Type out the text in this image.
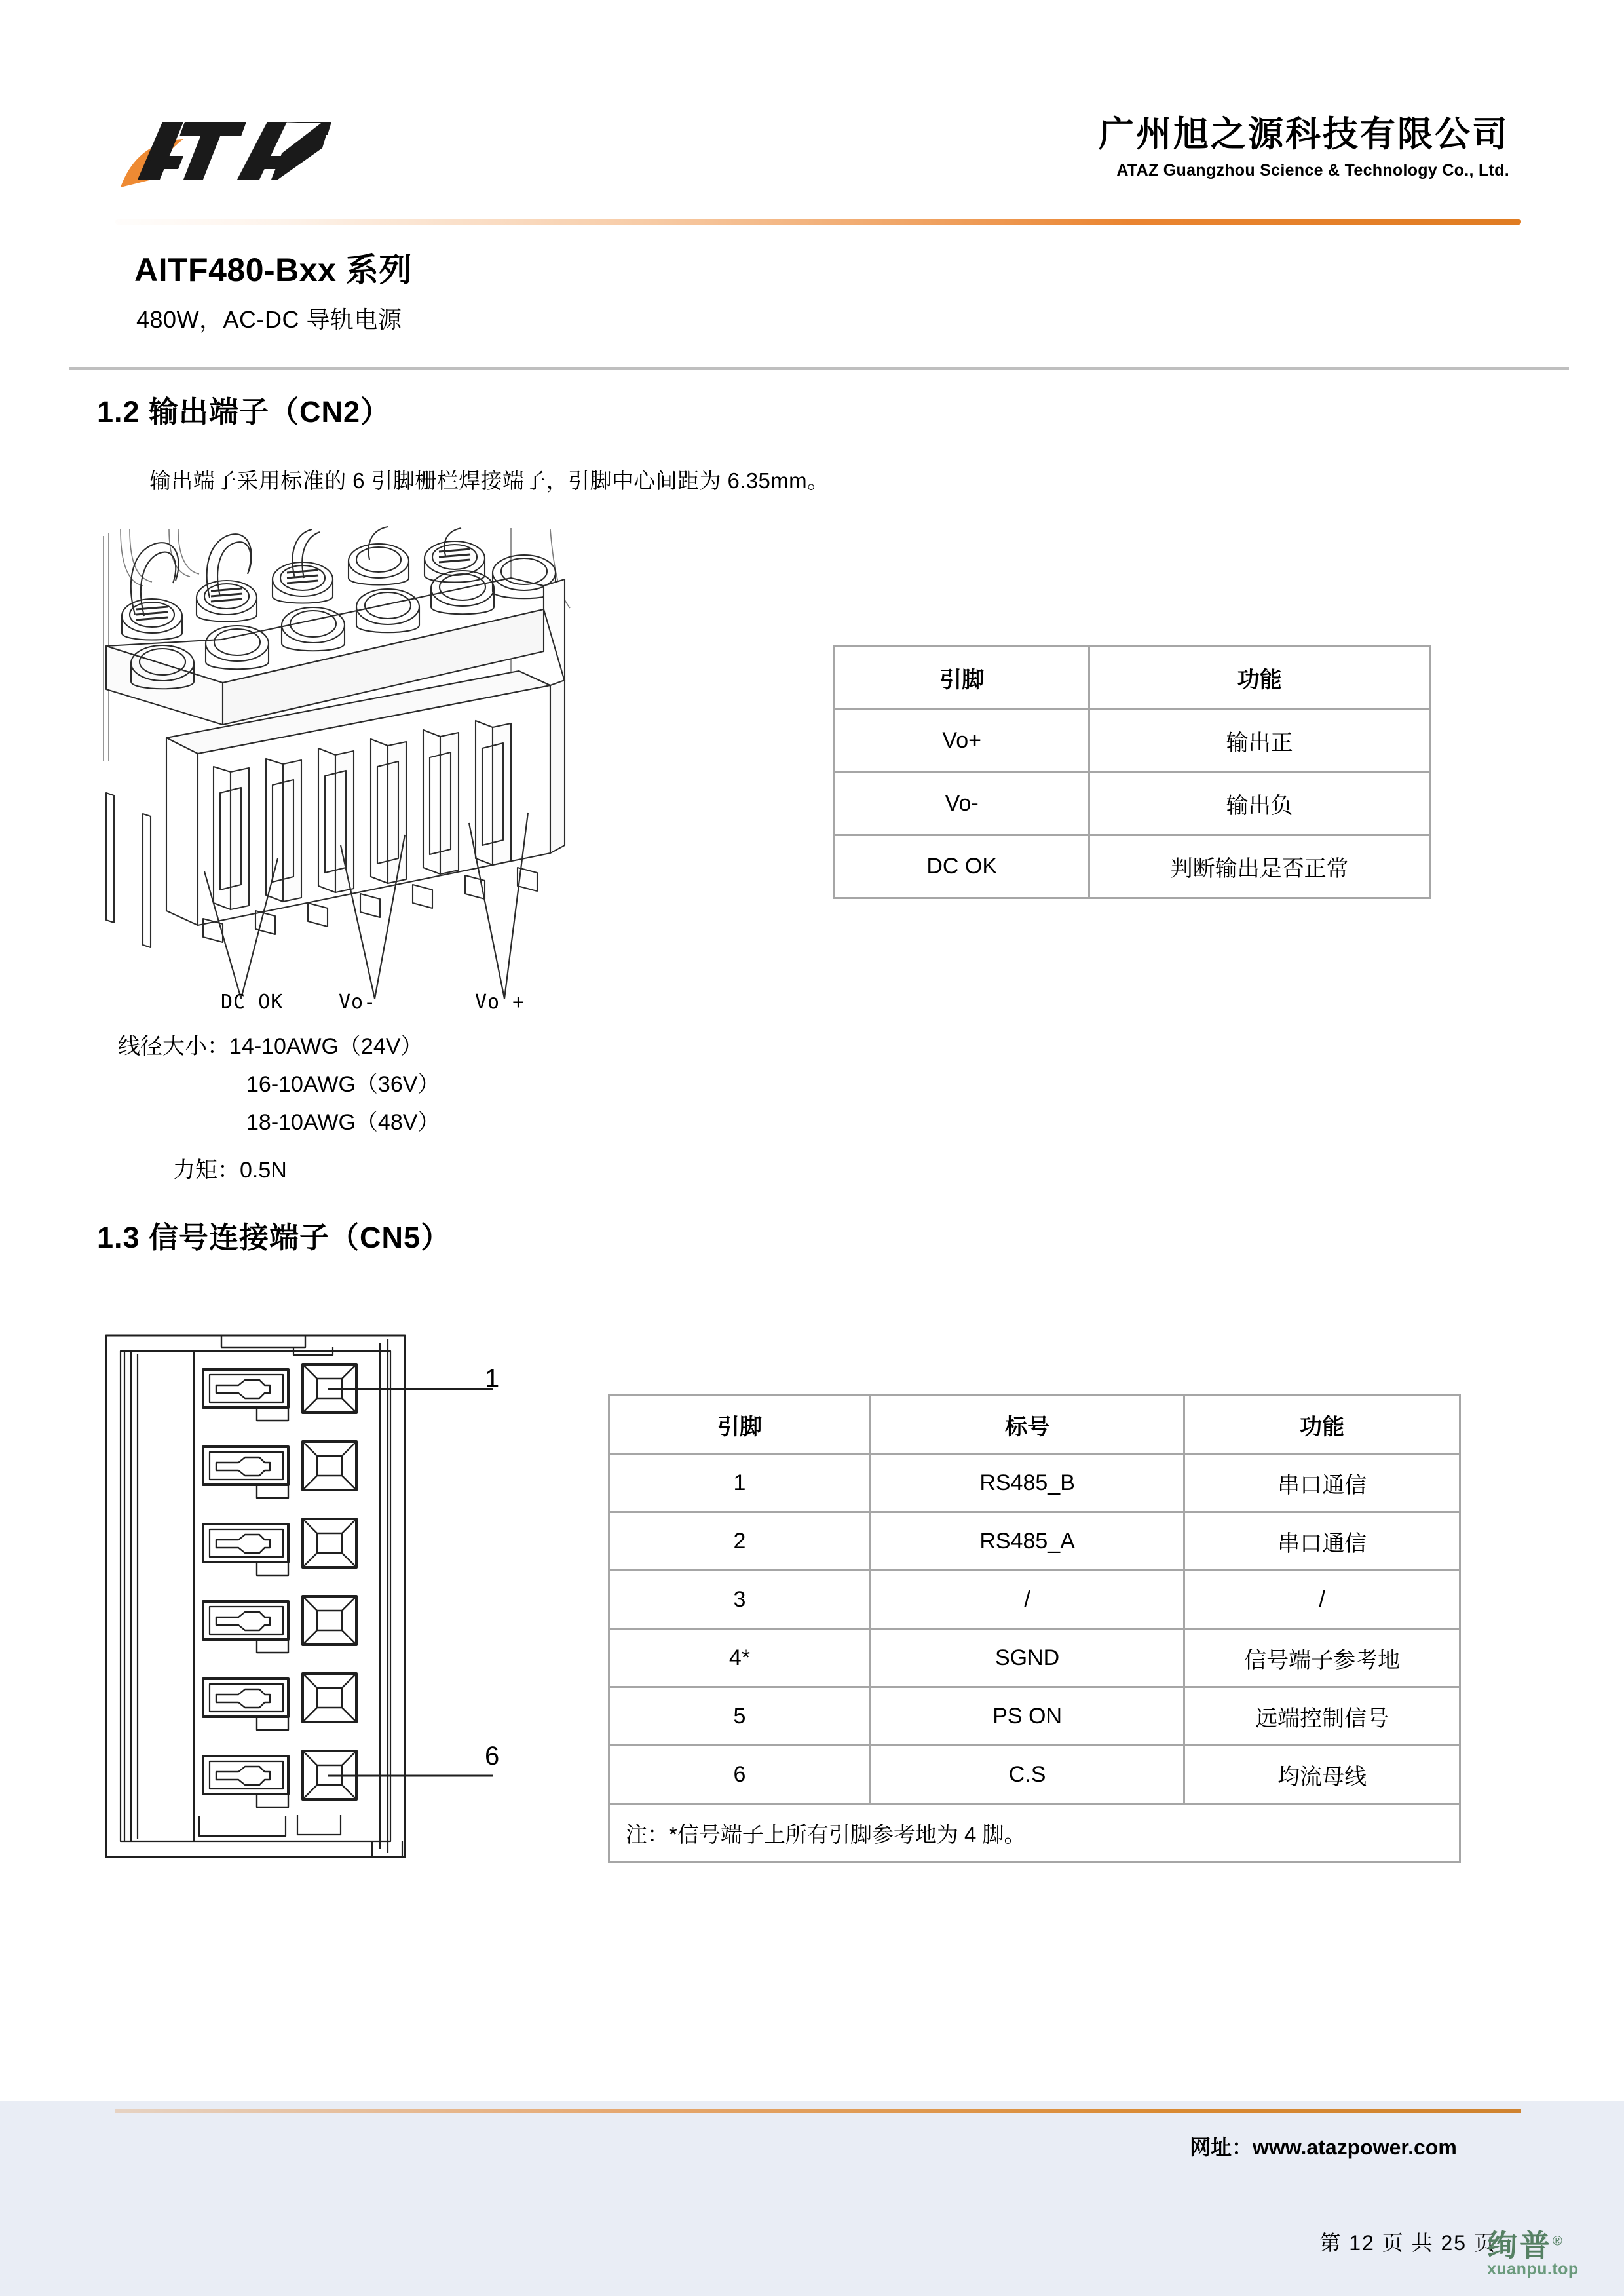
广州旭之源科技有限公司
ATAZ Guangzhou Science & Technology Co., Ltd.
AITF480-Bxx 系列
480W，AC-DC 导轨电源
1.2 输出端子（CN2）
输出端子采用标准的 6 引脚栅栏焊接端子，引脚中心间距为 6.35mm。
DC OK	Vo-	Vo +
线径大小：14-10AWG（24V）
16-10AWG（36V）
18-10AWG（48V）
力矩：0.5N
引脚	功能
Vo+	输出正
Vo-	输出负
DC OK	判断输出是否正常
1.3 信号连接端子（CN5）
1
6
引脚	标号	功能
1	RS485_B	串口通信
2	RS485_A	串口通信
3	/	/
4*	SGND	信号端子参考地
5	PS ON	远端控制信号
6	C.S	均流母线
注：*信号端子上所有引脚参考地为 4 脚。		
网址：www.atazpower.com
第 12 页 共 25 页
绚普®
xuanpu.top
